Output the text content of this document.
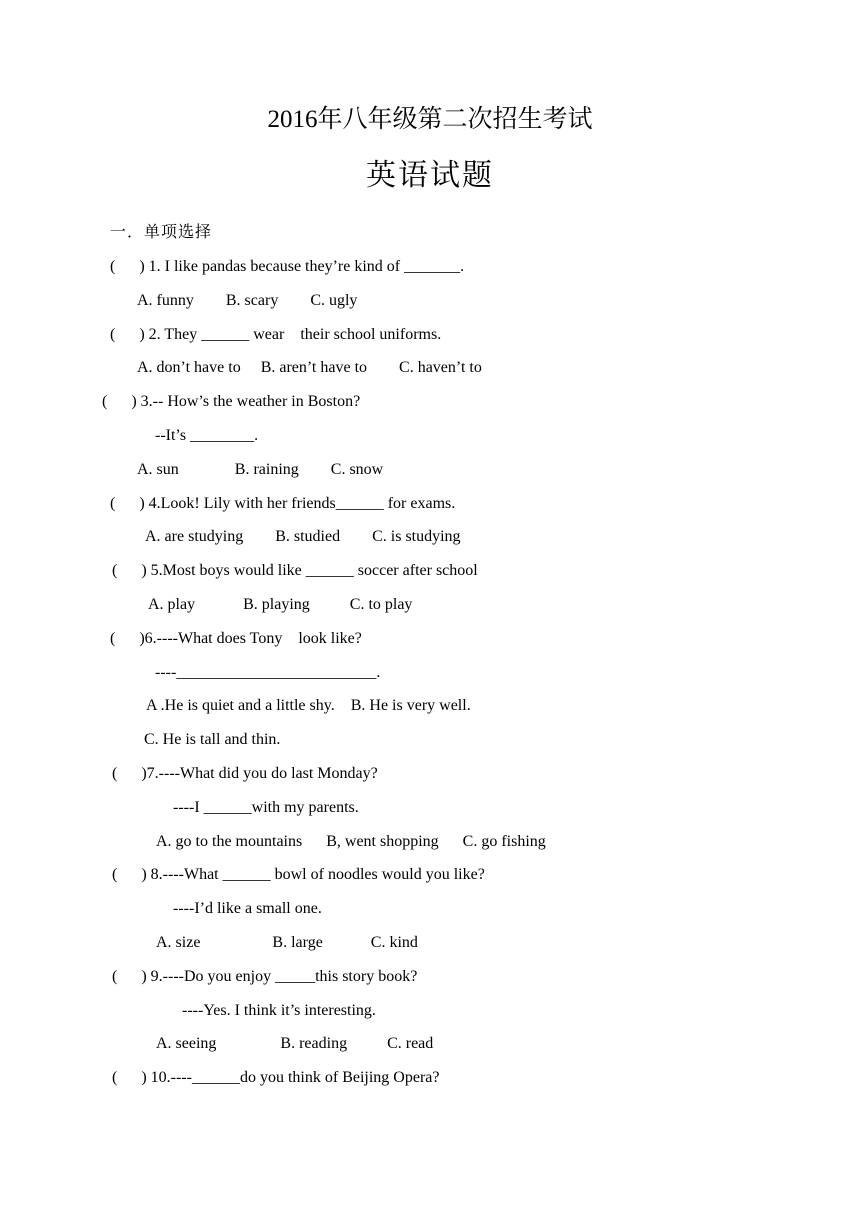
2016年八年级第二次招生考试
英语试题
一．单项选择
(      ) 1. I like pandas because they’re kind of _______.
A. funny        B. scary        C. ugly
(      ) 2. They ______ wear    their school uniforms.
A. don’t have to     B. aren’t have to        C. haven’t to
(      ) 3.-- How’s the weather in Boston?
--It’s ________.
A. sun              B. raining        C. snow
(      ) 4.Look! Lily with her friends______ for exams.
A. are studying        B. studied        C. is studying
(      ) 5.Most boys would like ______ soccer after school
A. play            B. playing          C. to play
(      )6.----What does Tony    look like?
----_________________________.
A .He is quiet and a little shy.    B. He is very well.
C. He is tall and thin.
(      )7.----What did you do last Monday?
----I ______with my parents.
A. go to the mountains      B, went shopping      C. go fishing
(      ) 8.----What ______ bowl of noodles would you like?
----I’d like a small one.
A. size                  B. large            C. kind
(      ) 9.----Do you enjoy _____this story book?
----Yes. I think it’s interesting.
A. seeing                B. reading          C. read
(      ) 10.----______do you think of Beijing Opera?
